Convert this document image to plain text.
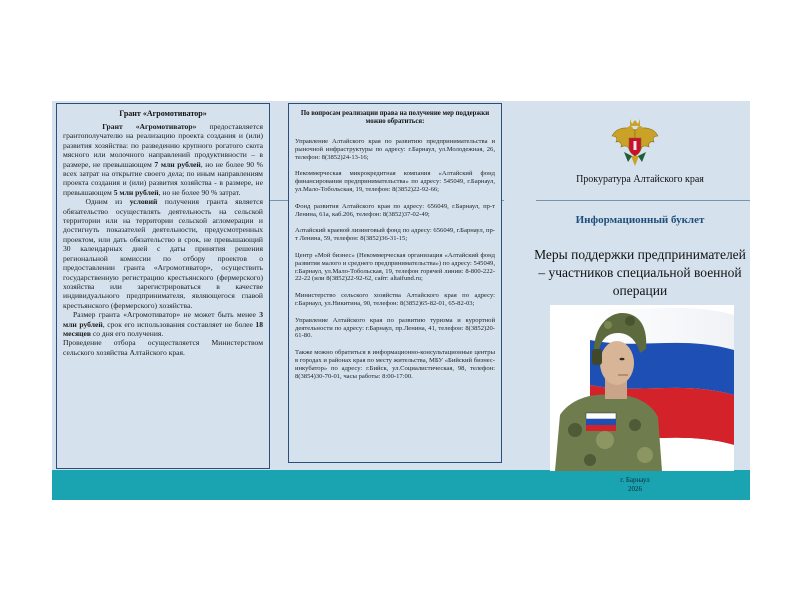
Грант «Агромотиватор»

Грант «Агромотиватор» предоставляется грантополучателю на реализацию проекта создания и (или) развития хозяйства: по разведению крупного рогатого скота мясного или молочного направлений продуктивности – в размере, не превышающем 7 млн рублей, но не более 90 % всех затрат на открытие своего дела; по иным направлениям проекта создания и (или) развития хозяйства - в размере, не превышающем 5 млн рублей, но не более 90 % затрат.

Одним из условий получения гранта является обязательство осуществлять деятельность на сельской территории или на территории сельской агломерации и достигнуть показателей деятельности, предусмотренных проектом, или дать обязательство в срок, не превышающий 30 календарных дней с даты принятия решения региональной комиссии по отбору проектов о предоставлении гранта «Агромотиватор», осуществить государственную регистрацию крестьянского (фермерского) хозяйства или зарегистрироваться в качестве индивидуального предпринимателя, являющегося главой крестьянского (фермерского) хозяйства.

Размер гранта «Агромотиватор» не может быть менее 3 млн рублей, срок его использования составляет не более 18 месяцев со дня его получения.

Проведение отбора осуществляется Министерством сельского хозяйства Алтайского края.

По вопросам реализации права на получение мер поддержки можно обратиться:

Управление Алтайского края по развитию предпринимательства и рыночной инфраструктуры по адресу: г.Барнаул, ул.Молодежная, 26, телефон: 8(3852)24-13-16;

Некоммерческая микрокредитная компания «Алтайский фонд финансирования предпринимательства» по адресу: 545049, г.Барнаул, ул.Мало-Тобольская, 19, телефон: 8(3852)22-92-66;

Фонд развития Алтайского края по адресу: 656049, г.Барнаул, пр-т Ленина, 61а, каб.206, телефон: 8(3852)37-02-49;

Алтайский краевой лизинговый фонд по адресу: 656049, г.Барнаул, пр-т Ленина, 59, телефон: 8(3852)36-31-15;

Центр «Мой бизнес» (Некоммерческая организация «Алтайский фонд развития малого и среднего предпринимательства») по адресу: 545049, г.Барнаул, ул.Мало-Тобольская, 19, телефон горячей линии: 8-800-222-22-22 (или 8(3852)22-92-62, сайт: altaifund.ru;

Министерство сельского хозяйства Алтайского края по адресу: г.Барнаул, ул.Никитина, 90, телефон: 8(3852)65-82-01, 65-82-03;

Управление Алтайского края по развитию туризма и курортной деятельности по адресу: г.Барнаул, пр.Ленина, 41, телефон: 8(3852)20-61-80.

Также можно обратиться в информационно-консультационные центры в городах и районах края по месту жительства, МБУ «Бийский бизнес-инкубатор» по адресу: г.Бийск, ул.Социалистическая, 98, телефон: 8(3854)30-70-01, часы работы: 8:00-17:00.

Прокуратура Алтайского края
Информационный буклет
Меры поддержки предпринимателей – участников специальной военной операции
г. Барнаул
2026
